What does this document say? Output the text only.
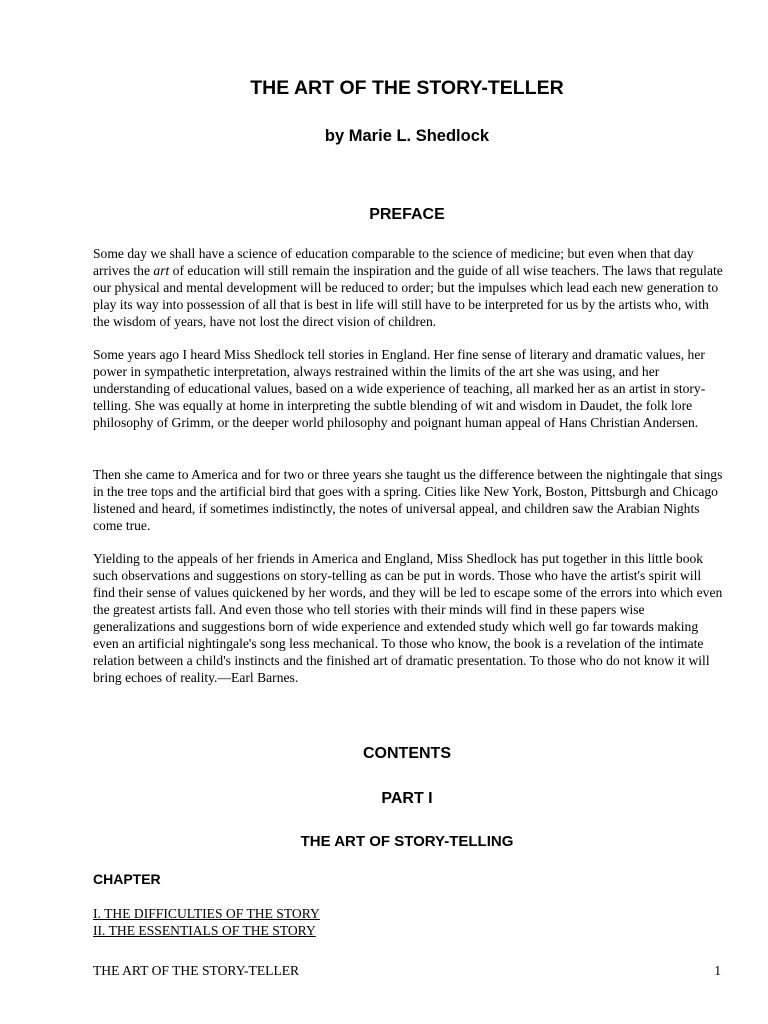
THE ART OF THE STORY-TELLER
by Marie L. Shedlock
PREFACE

Some day we shall have a science of education comparable to the science of medicine; but even when that day arrives the art of education will still remain the inspiration and the guide of all wise teachers. The laws that regulate our physical and mental development will be reduced to order; but the impulses which lead each new generation to play its way into possession of all that is best in life will still have to be interpreted for us by the artists who, with the wisdom of years, have not lost the direct vision of children.

Some years ago I heard Miss Shedlock tell stories in England. Her fine sense of literary and dramatic values, her power in sympathetic interpretation, always restrained within the limits of the art she was using, and her understanding of educational values, based on a wide experience of teaching, all marked her as an artist in story- telling. She was equally at home in interpreting the subtle blending of wit and wisdom in Daudet, the folk lore philosophy of Grimm, or the deeper world philosophy and poignant human appeal of Hans Christian Andersen.

Then she came to America and for two or three years she taught us the difference between the nightingale that sings in the tree tops and the artificial bird that goes with a spring. Cities like New York, Boston, Pittsburgh and Chicago listened and heard, if sometimes indistinctly, the notes of universal appeal, and children saw the Arabian Nights come true.

Yielding to the appeals of her friends in America and England, Miss Shedlock has put together in this little book such observations and suggestions on story-telling as can be put in words. Those who have the artist's spirit will find their sense of values quickened by her words, and they will be led to escape some of the errors into which even the greatest artists fall. And even those who tell stories with their minds will find in these papers wise generalizations and suggestions born of wide experience and extended study which well go far towards making even an artificial nightingale's song less mechanical. To those who know, the book is a revelation of the intimate relation between a child's instincts and the finished art of dramatic presentation. To those who do not know it will bring echoes of reality.—Earl Barnes.

CONTENTS
PART I
THE ART OF STORY-TELLING
CHAPTER
I. THE DIFFICULTIES OF THE STORY
II. THE ESSENTIALS OF THE STORY
THE ART OF THE STORY-TELLER	1
